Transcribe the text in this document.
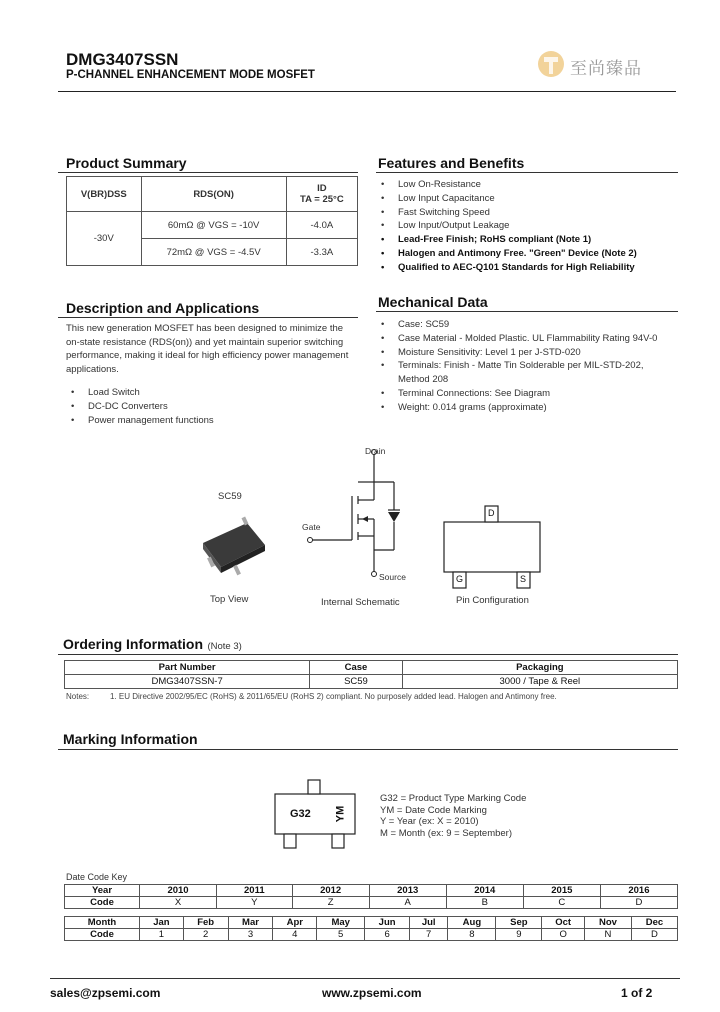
DMG3407SSN
P-CHANNEL ENHANCEMENT MODE MOSFET	至尚臻品
Product Summary
V(BR)DSS	RDS(ON)	ID
TA = 25°C
-30V	60mΩ @ VGS = -10V	-4.0A
	72mΩ @ VGS = -4.5V	-3.3A
Features and Benefits
• Low On-Resistance
• Low Input Capacitance
• Fast Switching Speed
• Low Input/Output Leakage
• Lead-Free Finish; RoHS compliant (Note 1)
• Halogen and Antimony Free. "Green" Device (Note 2)
• Qualified to AEC-Q101 Standards for High Reliability
Description and Applications
This new generation MOSFET has been designed to minimize the on-state resistance (RDS(on)) and yet maintain superior switching performance, making it ideal for high efficiency power management applications.
• Load Switch
• DC-DC Converters
• Power management functions
Mechanical Data
• Case: SC59
• Case Material - Molded Plastic. UL Flammability Rating 94V-0
• Moisture Sensitivity: Level 1 per J-STD-020
• Terminals: Finish - Matte Tin Solderable per MIL-STD-202, Method 208
• Terminal Connections: See Diagram
• Weight: 0.014 grams (approximate)
SC59
Top View
Drain
Gate
Source
Internal Schematic
D
G	S
Pin Configuration
Ordering Information (Note 3)
Part Number	Case	Packaging
DMG3407SSN-7	SC59	3000 / Tape & Reel
Notes:	1. EU Directive 2002/95/EC (RoHS) & 2011/65/EU (RoHS 2) compliant. No purposely added lead. Halogen and Antimony free.
Marking Information
G32 YM
G32 = Product Type Marking Code
YM = Date Code Marking
Y = Year (ex: X = 2010)
M = Month (ex: 9 = September)
Date Code Key
Year	2010	2011	2012	2013	2014	2015	2016
Code	X	Y	Z	A	B	C	D
Month	Jan	Feb	Mar	Apr	May	Jun	Jul	Aug	Sep	Oct	Nov	Dec
Code	1	2	3	4	5	6	7	8	9	O	N	D
sales@zpsemi.com	www.zpsemi.com	1 of 2
